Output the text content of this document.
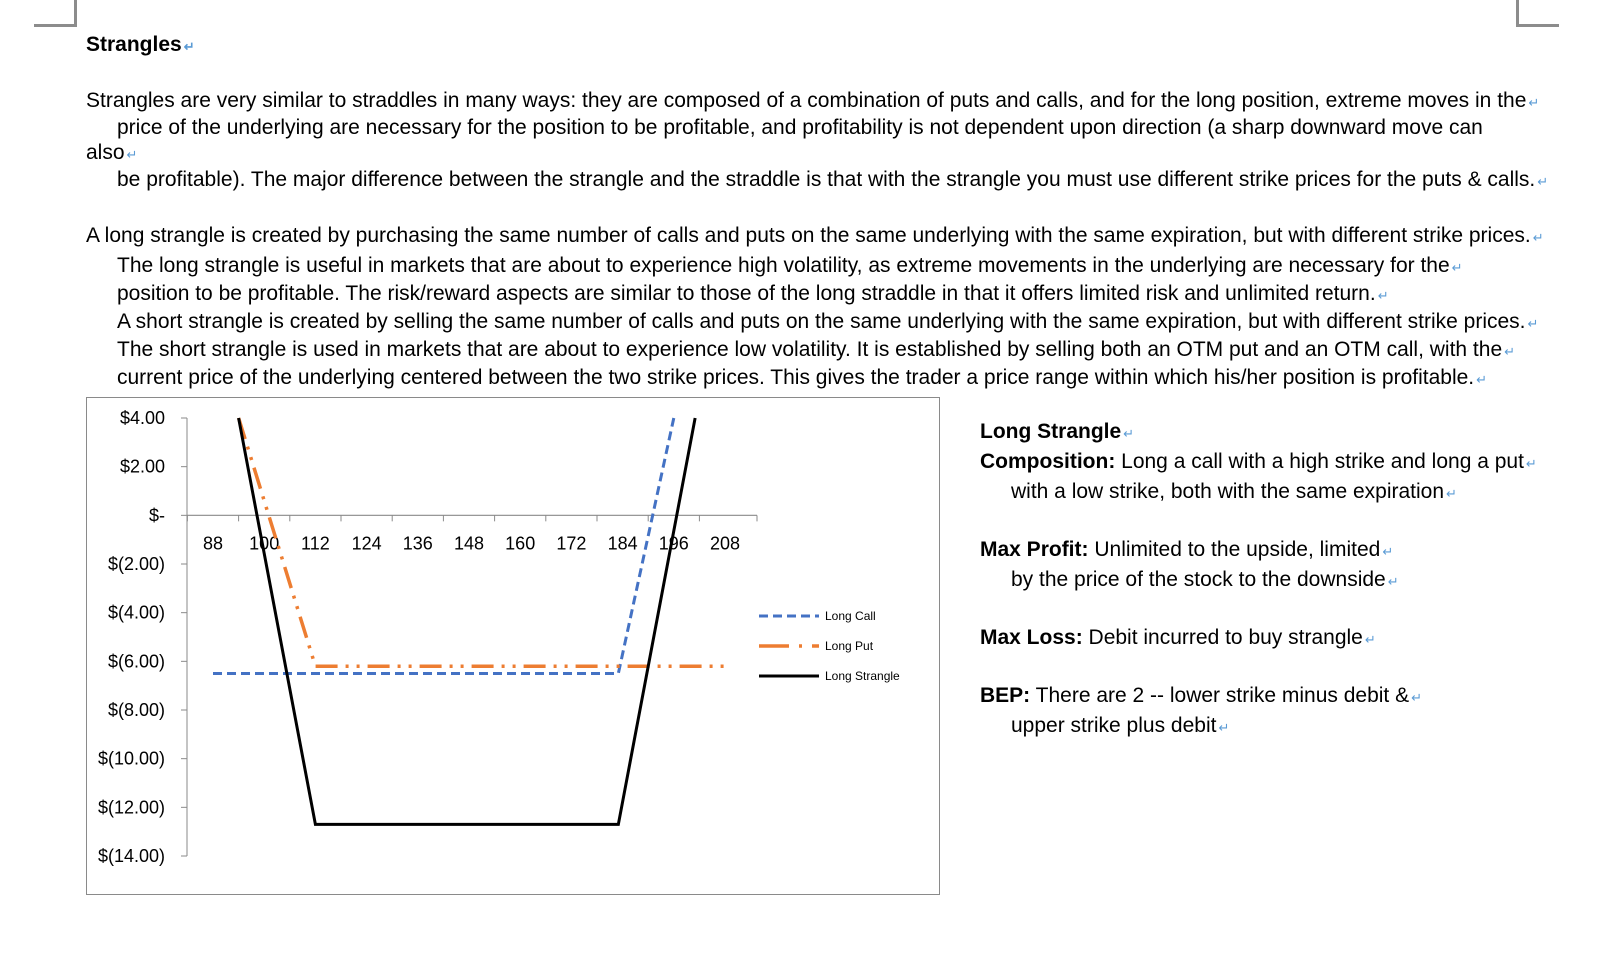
Strangles ↵
Strangles are very similar to straddles in many ways: they are composed of a combination of puts and calls, and for the long position, extreme moves in the ↵
price of the underlying are necessary for the position to be profitable, and profitability is not dependent upon direction (a sharp downward move can
also ↵
be profitable). The major difference between the strangle and the straddle is that with the strangle you must use different strike prices for the puts & calls. ↵
A long strangle is created by purchasing the same number of calls and puts on the same underlying with the same expiration, but with different strike prices. ↵
The long strangle is useful in markets that are about to experience high volatility, as extreme movements in the underlying are necessary for the ↵
position to be profitable. The risk/reward aspects are similar to those of the long straddle in that it offers limited risk and unlimited return. ↵
A short strangle is created by selling the same number of calls and puts on the same underlying with the same expiration, but with different strike prices. ↵
The short strangle is used in markets that are about to experience low volatility. It is established by selling both an OTM put and an OTM call, with the ↵
current price of the underlying centered between the two strike prices. This gives the trader a price range within which his/her position is profitable. ↵
$4.00
$2.00
$-
$(2.00)
$(4.00)
$(6.00)
$(8.00)
$(10.00)
$(12.00)
$(14.00)
88 100 112 124 136 148 160 172 184 196 208
Long Call
Long Put
Long Strangle
Long Strangle ↵
Composition: Long a call with a high strike and long a put ↵
with a low strike, both with the same expiration ↵
Max Profit: Unlimited to the upside, limited ↵
by the price of the stock to the downside ↵
Max Loss: Debit incurred to buy strangle ↵
BEP: There are 2 -- lower strike minus debit & ↵
upper strike plus debit ↵
